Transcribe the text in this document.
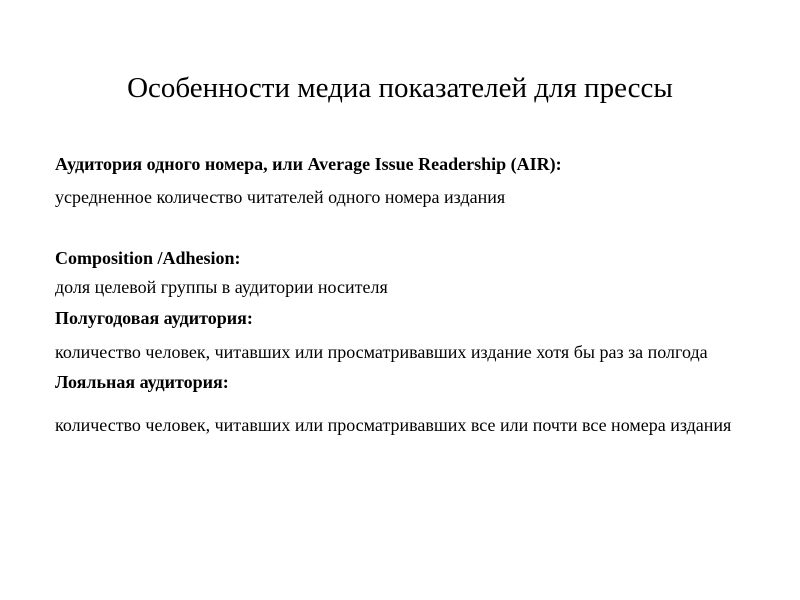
Особенности медиа показателей для прессы

Аудитория одного номера, или Average Issue Readership (AIR):

усредненное количество читателей одного номера издания

Composition /Adhesion:

доля целевой группы в аудитории носителя

Полугодовая аудитория:

количество человек, читавших или просматривавших издание хотя бы раз за полгода

Лояльная аудитория:

количество человек, читавших или просматривавших все или почти все номера издания
